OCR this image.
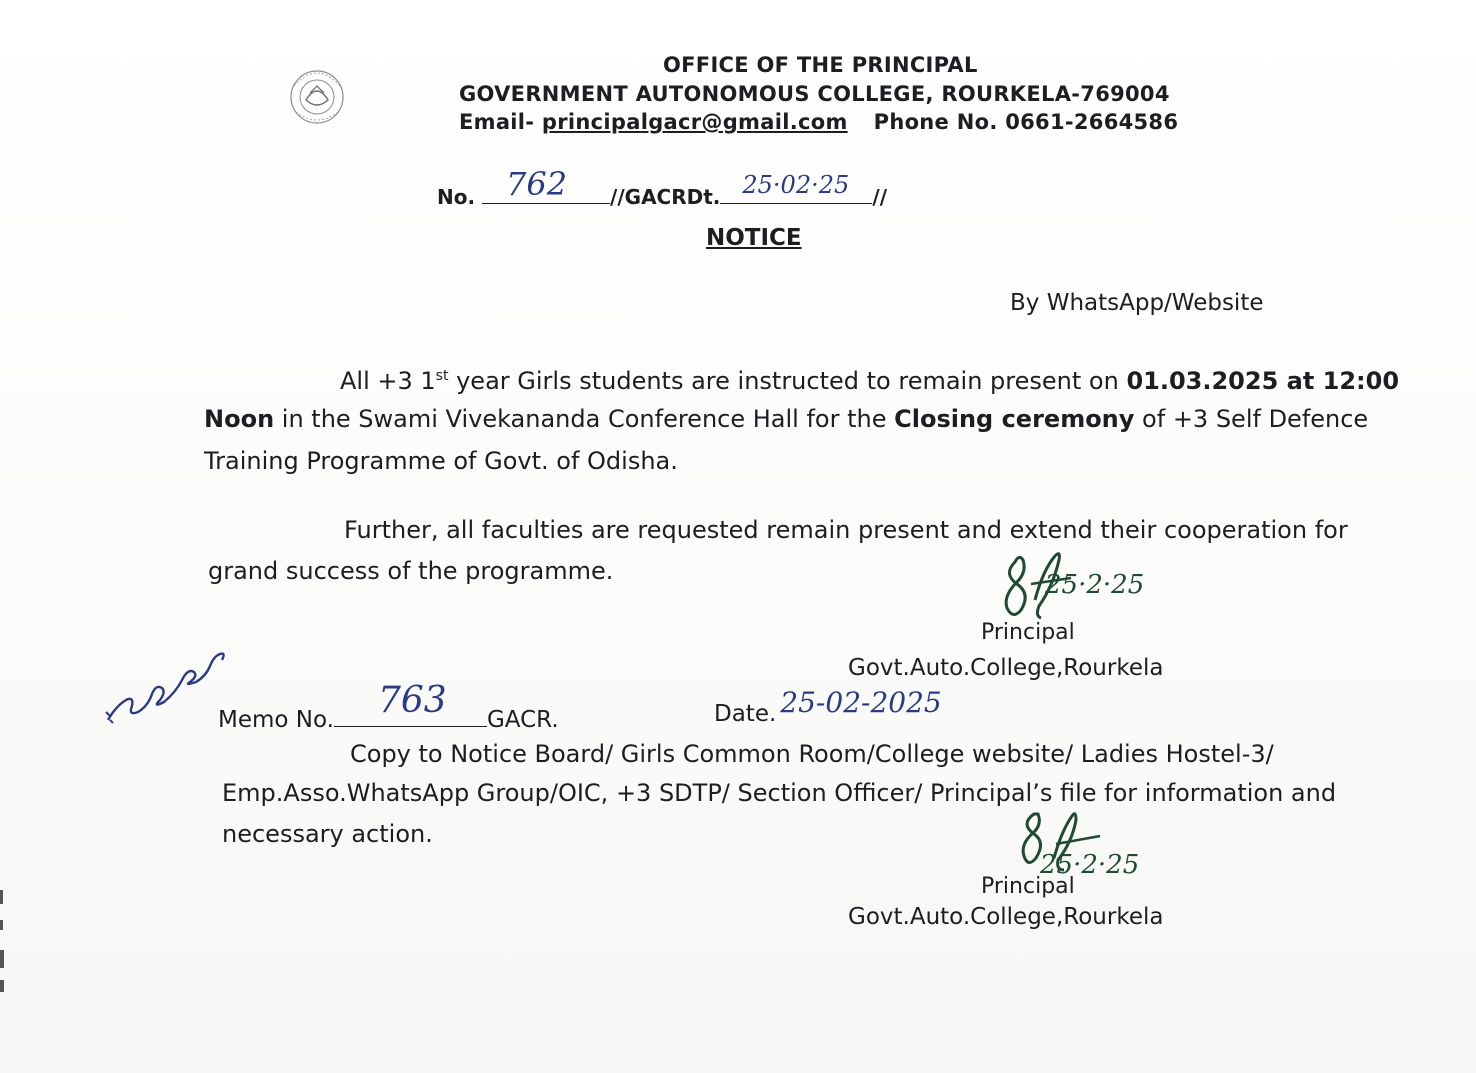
OFFICE OF THE PRINCIPAL
GOVERNMENT AUTONOMOUS COLLEGE, ROURKELA-769004
Email- principalgacr@gmail.com Phone No. 0661-2664586
No. 762 //GACRDt. 25·02·25 //
NOTICE
By WhatsApp/Website
All +3 1st year Girls students are instructed to remain present on 01.03.2025 at 12:00
Noon in the Swami Vivekananda Conference Hall for the Closing ceremony of +3 Self Defence
Training Programme of Govt. of Odisha.
Further, all faculties are requested remain present and extend their cooperation for
grand success of the programme.	25·2·25
Principal
Govt.Auto.College,Rourkela
Memo No. 763 GACR.	Date. 25-02-2025
Copy to Notice Board/ Girls Common Room/College website/ Ladies Hostel-3/
Emp.Asso.WhatsApp Group/OIC, +3 SDTP/ Section Officer/ Principal’s file for information and
necessary action.
25·2·25
Principal
Govt.Auto.College,Rourkela
